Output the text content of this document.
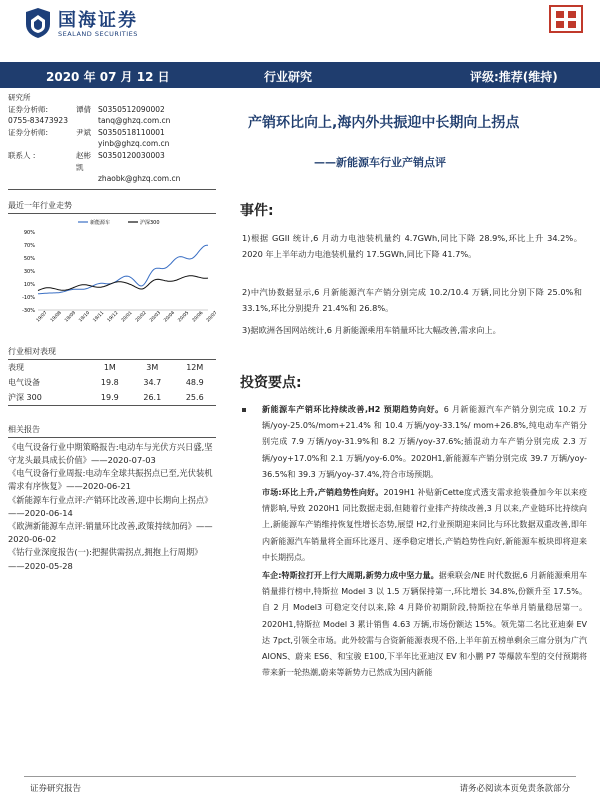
国海证券
SEALAND SECURITIES
2020 年 07 月 12 日	行业研究	评级:推荐(维持)
研究所
证券分析师:	谭倩 S0350512090002
0755-83473923	tanq@ghzq.com.cn
证券分析师:	尹斌 S0350518110001
yinb@ghzq.com.cn
联系人 :	赵彬凯
S0350120030003
zhaobk@ghzq.com.cn
最近一年行业走势
90%
70%
50%
30%
10%
-10%
-30% 19/07 19/08 19/09 19/10 19/11 19/12 20/01 20/02 20/03 20/04 20/05 20/06 20/07
新能源车	沪深300
行业相对表现
表现	1M	3M	12M
电气设备	19.8	34.7	48.9
沪深 300	19.9	26.1	25.6
相关报告
《电气设备行业中期策略报告:电动车与光伏方兴日盛,坚守龙头最具成长价值》——2020-07-03
《电气设备行业周报:电动车全球共振拐点已至,光伏装机需求有序恢复》——2020-06-21
《新能源车行业点评:产销环比改善,迎中长期向上拐点》——2020-06-14
《欧洲新能源车点评:销量环比改善,政策持续加码》——2020-06-02
《钴行业深度报告(一):把握供需拐点,拥抱上行周期》——2020-05-28
产销环比向上,海内外共振迎中长期向上拐点
——新能源车行业产销点评
事件:
1)根据 GGII 统计,6 月动力电池装机量约 4.7GWh,同比下降 28.9%,环比上升 34.2%。2020 年上半年动力电池装机量约 17.5GWh,同比下降 41.7%。
2)中汽协数据显示,6 月新能源汽车产销分别完成 10.2/10.4 万辆,同比分别下降 25.0%和 33.1%,环比分别提升 21.4%和 26.8%。
3)据欧洲各国网站统计,6 月新能源乘用车销量环比大幅改善,需求向上。
投资要点:
新能源车产销环比持续改善,H2 预期趋势向好。6 月新能源汽车产销分别完成 10.2 万辆/yoy-25.0%/mom+21.4% 和 10.4 万辆/yoy-33.1%/ mom+26.8%,纯电动车产销分别完成 7.9 万辆/yoy-31.9%和 8.2 万辆/yoy-37.6%;插混动力车产销分别完成 2.3 万辆/yoy+17.0%和 2.1 万辆/yoy-6.0%。2020H1,新能源车产销分别完成 39.7 万辆/yoy-36.5%和 39.3 万辆/yoy-37.4%,符合市场预期。
市场:环比上升,产销趋势性向好。2019H1 补贴新Cette度式透支需求抢装叠加今年以来疫情影响,导致 2020H1 同比数据走弱,但随着行业排产持续改善,3 月以来,产业链环比持续向上,新能源车产销维持恢复性增长态势,展望 H2,行业预期迎来同比与环比数据双重改善,即年内新能源汽车销量将全面环比逐月、逐季稳定增长,产销趋势性向好,新能源车板块即将迎来中长期拐点。
车企:特斯拉打开上行大周期,新势力成中坚力量。据乘联会/NE 时代数据,6 月新能源乘用车销量排行榜中,特斯拉 Model 3 以 1.5 万辆保持第一,环比增长 34.8%,份额升至 17.5%。自 2 月 Model3 可稳定交付以来,除 4 月降价初期阶段,特斯拉在华单月销量稳居第一。2020H1,特斯拉 Model 3 累计销售 4.63 万辆,市场份额达 15%。领先第二名比亚迪秦 EV 达 7pct,引领全市场。此外较需与合资新能源表现不俗,上半年前五榜单剩余三席分别为广汽 AIONS、蔚来 ES6、和宝骏 E100,下半年比亚迪汉 EV 和小鹏 P7 等爆款车型的交付预期将带来新一轮热潮,蔚来等新势力已然成为国内新能
证券研究报告	请务必阅读本页免责条款部分
